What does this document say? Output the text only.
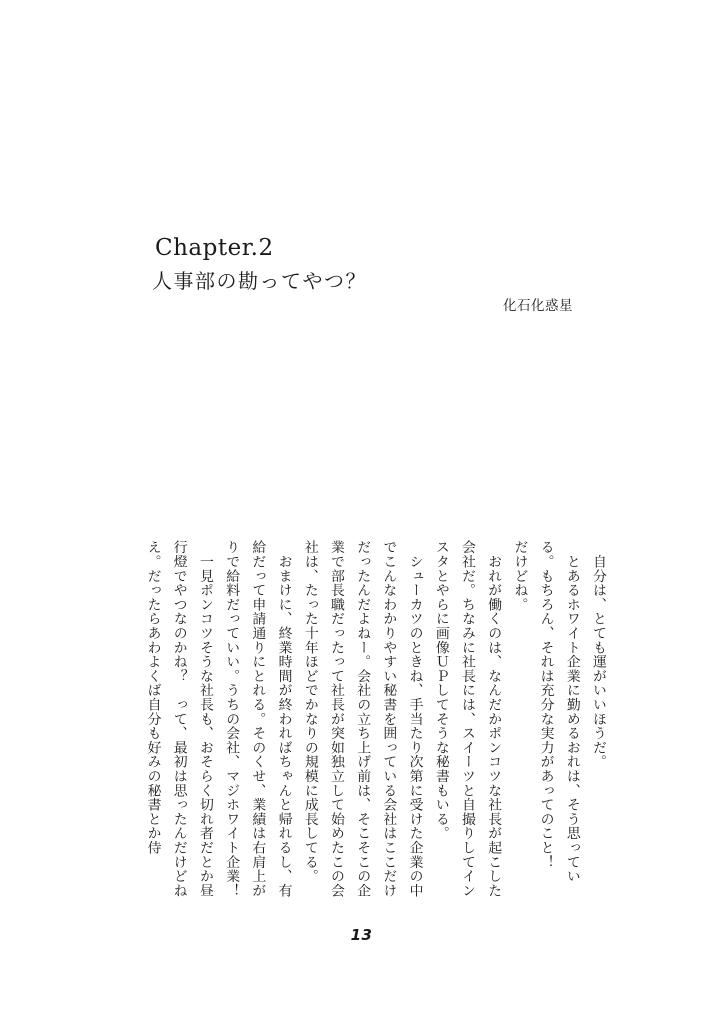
Chapter.2
人事部の勘ってやつ？
化石化惑星

　自分は、とても運がいいほうだ。

　とあるホワイト企業に勤めるおれは、そう思っている。もちろん、それは充分な実力があってのこと！

だけどね。

　おれが働くのは、なんだかポンコツな社長が起こした会社だ。ちなみに社長には、スイーツと自撮りしてインスタとやらに画像ＵＰしてそうな秘書もいる。

　シューカツのときね、手当たり次第に受けた企業の中でこんなわかりやすい秘書を囲っている会社はここだけだったんだよねー。会社の立ち上げ前は、そこそこの企業で部長職だったって社長が突如独立して始めたこの会社は、たった十年ほどでかなりの規模に成長してる。

　おまけに、終業時間が終わればちゃんと帰れるし、有給だって申請通りにとれる。そのくせ、業績は右肩上がりで給料だっていい。うちの会社、マジホワイト企業！

　一見ポンコツそうな社長も、おそらく切れ者だとか昼行燈でやつなのかね？　って、最初は思ったんだけどねえ。だったらあわよくば自分も好みの秘書とか侍

13
